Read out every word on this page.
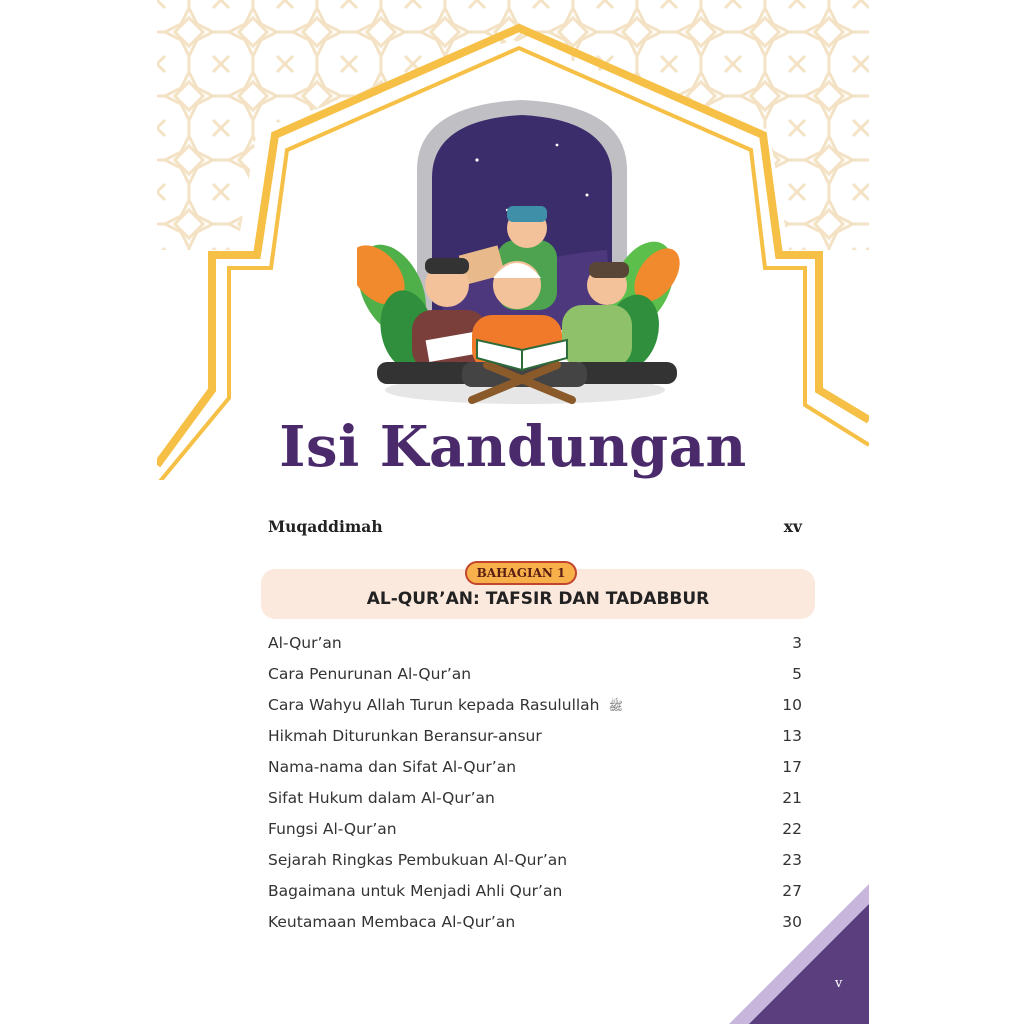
Isi Kandungan
Muqaddimah	xv
AL-QUR’AN: TAFSIR DAN TADABBUR
BAHAGIAN 1
Al-Qur’an	3
Cara Penurunan Al-Qur’an	5
Cara Wahyu Allah Turun kepada Rasulullah ﷺ	10
Hikmah Diturunkan Beransur-ansur	13
Nama-nama dan Sifat Al-Qur’an	17
Sifat Hukum dalam Al-Qur’an	21
Fungsi Al-Qur’an	22
Sejarah Ringkas Pembukuan Al-Qur’an	23
Bagaimana untuk Menjadi Ahli Qur’an	27
Keutamaan Membaca Al-Qur’an	30
v
